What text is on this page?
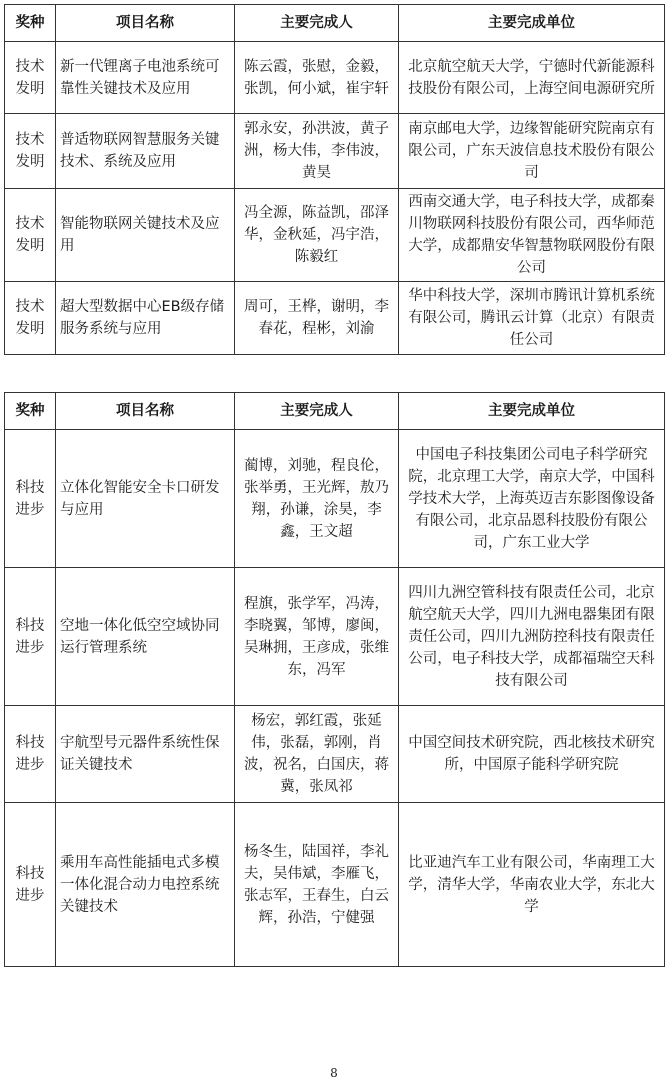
奖种	项目名称	主要完成人	主要完成单位
技术发明	新一代锂离子电池系统可靠性关键技术及应用	陈云霞，张慰，金毅，张凯，何小斌，崔宇轩	北京航空航天大学，宁德时代新能源科技股份有限公司，上海空间电源研究所
技术发明	普适物联网智慧服务关键技术、系统及应用	郭永安，孙洪波，黄子洲，杨大伟，李伟波，黄昊	南京邮电大学，边缘智能研究院南京有限公司，广东天波信息技术股份有限公司
技术发明	智能物联网关键技术及应用	冯全源，陈益凯，邵泽华，金秋延，冯宇浩，陈毅红	西南交通大学，电子科技大学，成都秦川物联网科技股份有限公司，西华师范大学，成都鼎安华智慧物联网股份有限公司
技术发明	超大型数据中心EB级存储服务系统与应用	周可，王桦，谢明，李春花，程彬，刘渝	华中科技大学，深圳市腾讯计算机系统有限公司，腾讯云计算（北京）有限责任公司
奖种	项目名称	主要完成人	主要完成单位
科技进步	立体化智能安全卡口研发与应用	蔺博，刘驰，程良伦，张举勇，王光辉，敖乃翔，孙谦，涂昊，李鑫，王文超	中国电子科技集团公司电子科学研究院，北京理工大学，南京大学，中国科学技术大学，上海英迈吉东影图像设备有限公司，北京品恩科技股份有限公司，广东工业大学
科技进步	空地一体化低空空域协同运行管理系统	程旗，张学军，冯涛，李晓翼，邹博，廖闽，吴琳拥，王彦成，张维东，冯军	四川九洲空管科技有限责任公司，北京航空航天大学，四川九洲电器集团有限责任公司，四川九洲防控科技有限责任公司，电子科技大学，成都福瑞空天科技有限公司
科技进步	宇航型号元器件系统性保证关键技术	杨宏，郭红霞，张延伟，张磊，郭刚，肖波，祝名，白国庆，蒋冀，张凤祁	中国空间技术研究院，西北核技术研究所，中国原子能科学研究院
科技进步	乘用车高性能插电式多模一体化混合动力电控系统关键技术	杨冬生，陆国祥，李礼夫，吴伟斌，李雁飞，张志军，王春生，白云辉，孙浩，宁健强	比亚迪汽车工业有限公司，华南理工大学，清华大学，华南农业大学，东北大学
8
